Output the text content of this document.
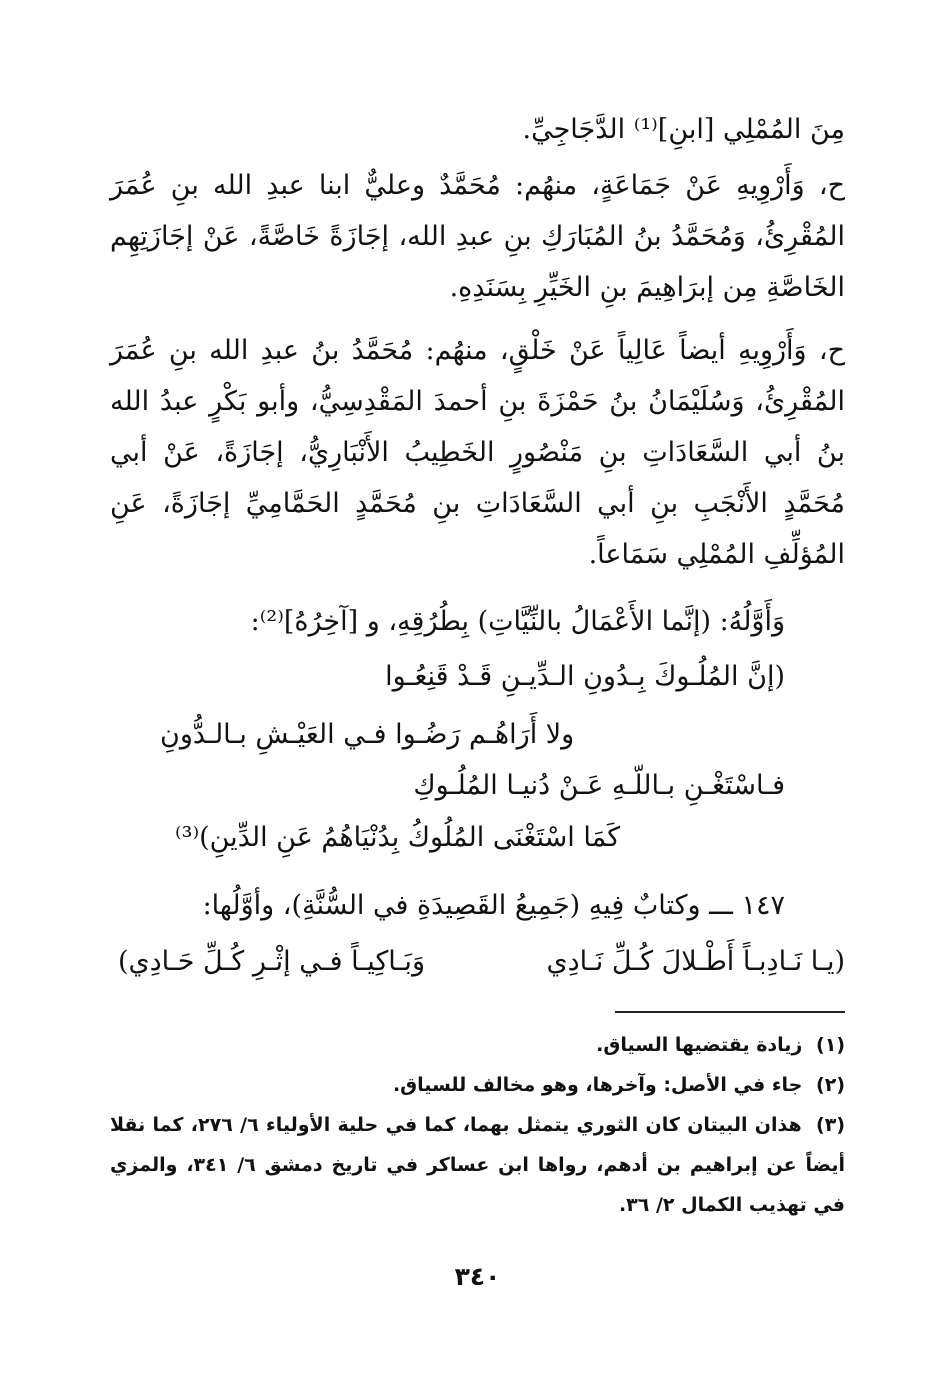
مِنَ المُمْلِي [ابنِ]⁽¹⁾ الدَّجَاجِيِّ.

ح، وَأَرْوِيهِ عَنْ جَمَاعَةٍ، منهُم: مُحَمَّدٌ وعليٌّ ابنا عبدِ الله بنِ عُمَرَ المُقْرِئُ، وَمُحَمَّدُ بنُ المُبَارَكِ بنِ عبدِ الله، إجَازَةً خَاصَّةً، عَنْ إجَازَتِهِم الخَاصَّةِ مِن إبرَاهِيمَ بنِ الخَيِّرِ بِسَنَدِهِ.

ح، وَأَرْوِيهِ أيضاً عَالِياً عَنْ خَلْقٍ، منهُم: مُحَمَّدُ بنُ عبدِ الله بنِ عُمَرَ المُقْرِئُ، وَسُلَيْمَانُ بنُ حَمْزَةَ بنِ أحمدَ المَقْدِسِيُّ، وأبو بَكْرٍ عبدُ الله بنُ أبي السَّعَادَاتِ بنِ مَنْصُورٍ الخَطِيبُ الأَنْبَارِيُّ، إجَازَةً، عَنْ أبي مُحَمَّدٍ الأَنْجَبِ بنِ أبي السَّعَادَاتِ بنِ مُحَمَّدٍ الحَمَّامِيِّ إجَازَةً، عَنِ المُؤلِّفِ المُمْلِي سَمَاعاً.

وَأَوَّلُهُ: (إنَّما الأَعْمَالُ بالنِّيَّاتِ) بِطُرُقِهِ، و [آخِرُهُ]⁽²⁾:

(إنَّ المُلُـوكَ بِـدُونِ الـدِّيـنِ قَـدْ قَنِعُـوا
ولا أَرَاهُـم رَضُـوا فـي العَيْـشِ بـالـدُّونِ
فـاسْتَغْـنِ بـاللّـهِ عَـنْ دُنيـا المُلُـوكِ
كَمَا اسْتَغْنَى المُلُوكُ بِدُنْيَاهُمُ عَنِ الدِّينِ)⁽³⁾

١٤٧ ـــ وكتابٌ فِيهِ (جَمِيعُ القَصِيدَةِ في السُّنَّةِ)، وأوَّلُها:

(يـا نَـادِبـاً أَطْـلالَ كُـلِّ نَـادِي
وَبَـاكِيـاً فـي إثْـرِ كُـلِّ حَـادِي)
(١) زيادة يقتضيها السياق.
(٢) جاء في الأصل: وآخرها، وهو مخالف للسياق.
(٣) هذان البيتان كان الثوري يتمثل بهما، كما في حلية الأولياء ٦/ ٢٧٦، كما نقلا أيضاً عن إبراهيم بن أدهم، رواها ابن عساكر في تاريخ دمشق ٦/ ٣٤١، والمزي في تهذيب الكمال ٢/ ٣٦.
٣٤٠
